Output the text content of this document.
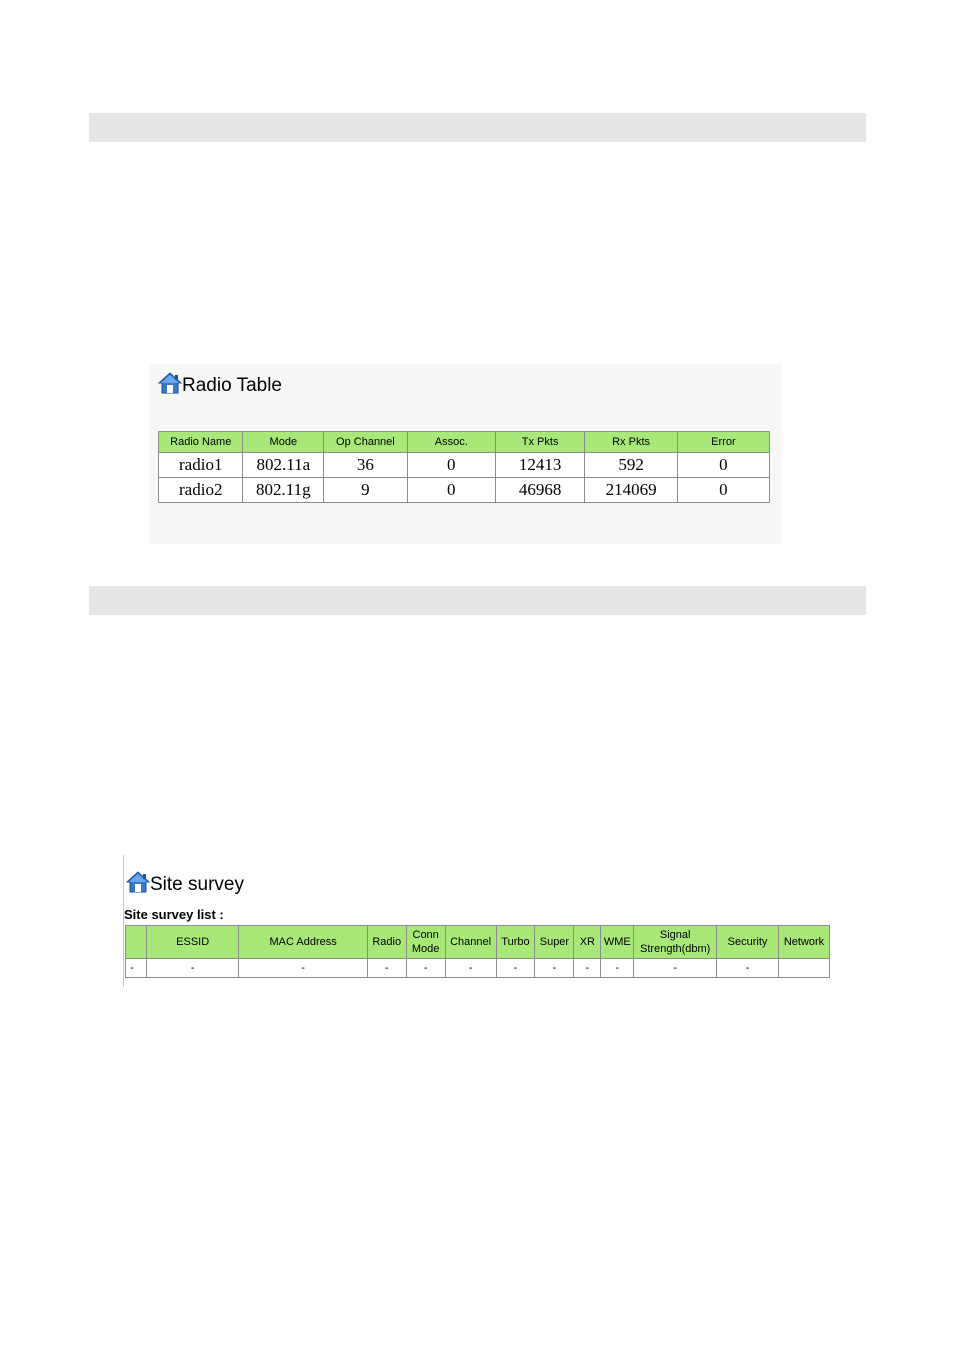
Radio Table
Radio Name	Mode	Op Channel	Assoc.	Tx Pkts	Rx Pkts	Error
radio1	802.11a	36	0	12413	592	0
radio2	802.11g	9	0	46968	214069	0
Site survey
Site survey list :
	ESSID	MAC Address	Radio	Conn Mode	Channel	Turbo	Super	XR	WME	Signal Strength(dbm)	Security	Network
-	-	-	-	-	-	-	-	-	-	-	-	
